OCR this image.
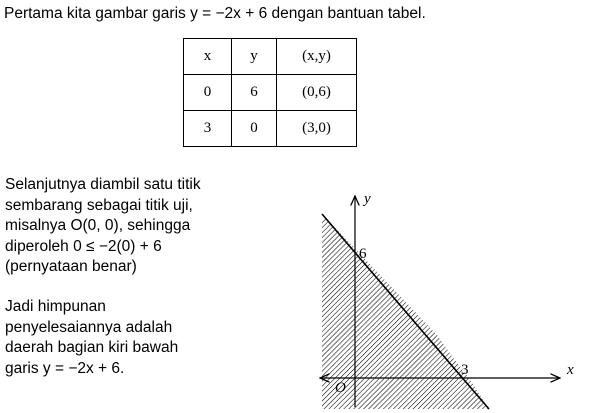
Pertama kita gambar garis y = −2x + 6 dengan bantuan tabel.
x	y	(x,y)
0	6	(0,6)
3	0	(3,0)
Selanjutnya diambil satu titik
sembarang sebagai titik uji,
misalnya O(0, 0), sehingga
diperoleh 0 ≤ −2(0) + 6
(pernyataan benar)
Jadi himpunan
penyelesaiannya adalah
daerah bagian kiri bawah
garis y = −2x + 6.
y
x
6
3
O
